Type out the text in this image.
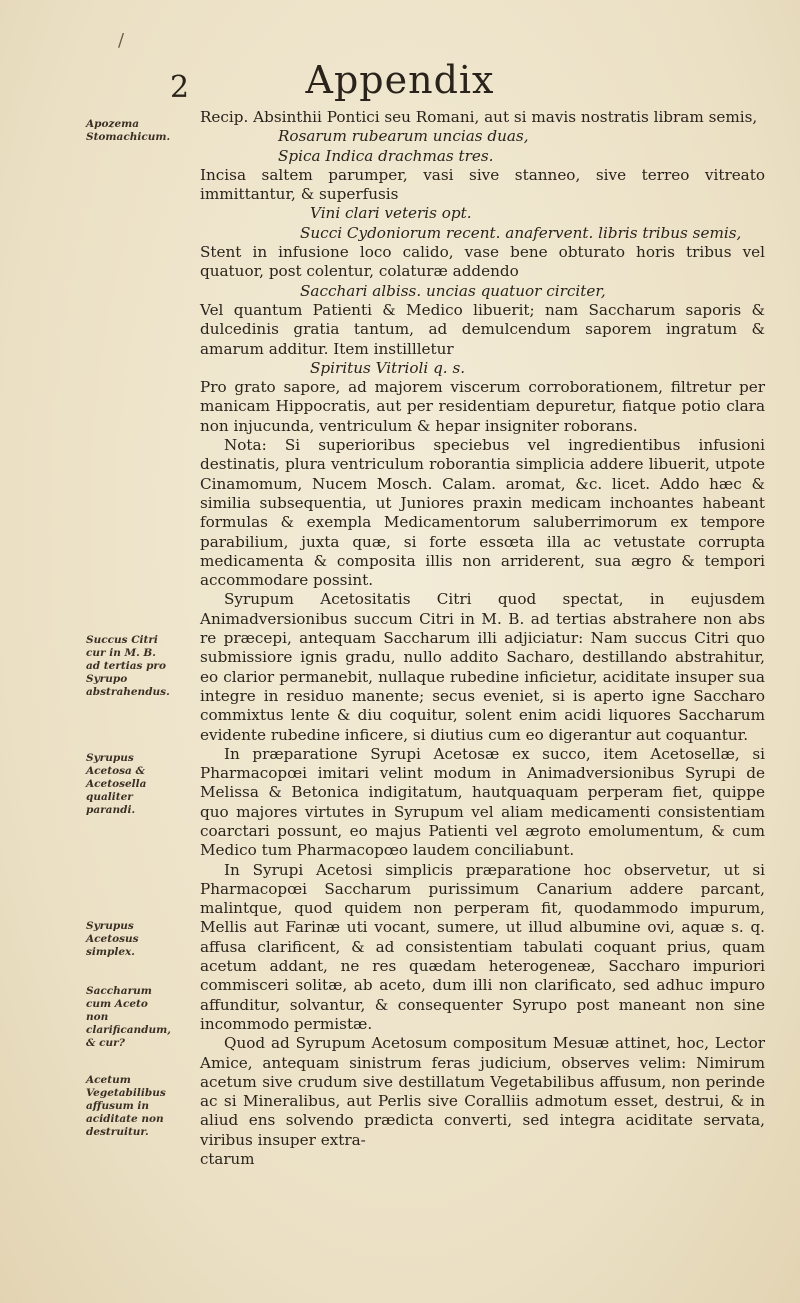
/
2	Appendix
Apozema Stomachicum.
Succus Citri cur in M. B. ad tertias pro Syrupo abstrahendus.
Syrupus Acetosa & Acetosella qualiter parandi.
Syrupus Acetosus simplex.
Saccharum cum Aceto non clarificandum, & cur?
Acetum Vegetabilibus affusum in aciditate non destruitur.

Recip. Absinthii Pontici seu Romani, aut si mavis nostratis libram semis,

Rosarum rubearum uncias duas,

Spica Indica drachmas tres.

Incisa saltem parumper, vasi sive stanneo, sive terreo vitreato immittantur, & superfusis

Vini clari veteris opt.

Succi Cydoniorum recent. anafervent. libris tribus semis,

Stent in infusione loco calido, vase bene obturato horis tribus vel quatuor, post colentur, colaturæ addendo

Sacchari albiss. uncias quatuor circiter,

Vel quantum Patienti & Medico libuerit; nam Saccharum saporis & dulcedinis gratia tantum, ad demulcendum saporem ingratum & amarum additur. Item instillletur

Spiritus Vitrioli q. s.

Pro grato sapore, ad majorem viscerum corroborationem, filtretur per manicam Hippocratis, aut per residentiam depuretur, fiatque potio clara non injucunda, ventriculum & hepar insigniter roborans.

Nota: Si superioribus speciebus vel ingredientibus infusioni destinatis, plura ventriculum roborantia simplicia addere libuerit, utpote Cinamomum, Nucem Mosch. Calam. aromat, &c. licet. Addo hæc & similia subsequentia, ut Juniores praxin medicam inchoantes habeant formulas & exempla Medicamentorum saluberrimorum ex tempore parabilium, juxta quæ, si forte essœta illa ac vetustate corrupta medicamenta & composita illis non arriderent, sua ægro & tempori accommodare possint.

Syrupum Acetositatis Citri quod spectat, in eujusdem Animadversionibus succum Citri in M. B. ad tertias abstrahere non abs re præcepi, antequam Saccharum illi adjiciatur: Nam succus Citri quo submissiore ignis gradu, nullo addito Sacharo, destillando abstrahitur, eo clarior permanebit, nullaque rubedine inficietur, aciditate insuper sua integre in residuo manente; secus eveniet, si is aperto igne Saccharo commixtus lente & diu coquitur, solent enim acidi liquores Saccharum evidente rubedine inficere, si diutius cum eo digerantur aut coquantur.

In præparatione Syrupi Acetosæ ex succo, item Acetosellæ, si Pharmacopœi imitari velint modum in Animadversionibus Syrupi de Melissa & Betonica indigitatum, hautquaquam perperam fiet, quippe quo majores virtutes in Syrupum vel aliam medicamenti consistentiam coarctari possunt, eo majus Patienti vel ægroto emolumentum, & cum Medico tum Pharmacopœo laudem conciliabunt.

In Syrupi Acetosi simplicis præparatione hoc observetur, ut si Pharmacopœi Saccharum purissimum Canarium addere parcant, malintque, quod quidem non perperam fit, quodammodo impurum, Mellis aut Farinæ uti vocant, sumere, ut illud albumine ovi, aquæ s. q. affusa clarificent, & ad consistentiam tabulati coquant prius, quam acetum addant, ne res quædam heterogeneæ, Saccharo impuriori commisceri solitæ, ab aceto, dum illi non clarificato, sed adhuc impuro affunditur, solvantur, & consequenter Syrupo post maneant non sine incommodo permistæ.

Quod ad Syrupum Acetosum compositum Mesuæ attinet, hoc, Lector Amice, antequam sinistrum feras judicium, observes velim: Nimirum acetum sive crudum sive destillatum Vegetabilibus affusum, non perinde ac si Mineralibus, aut Perlis sive Coralliis admotum esset, destrui, & in aliud ens solvendo prædicta converti, sed integra aciditate servata, viribus insuper extra-

ctarum
